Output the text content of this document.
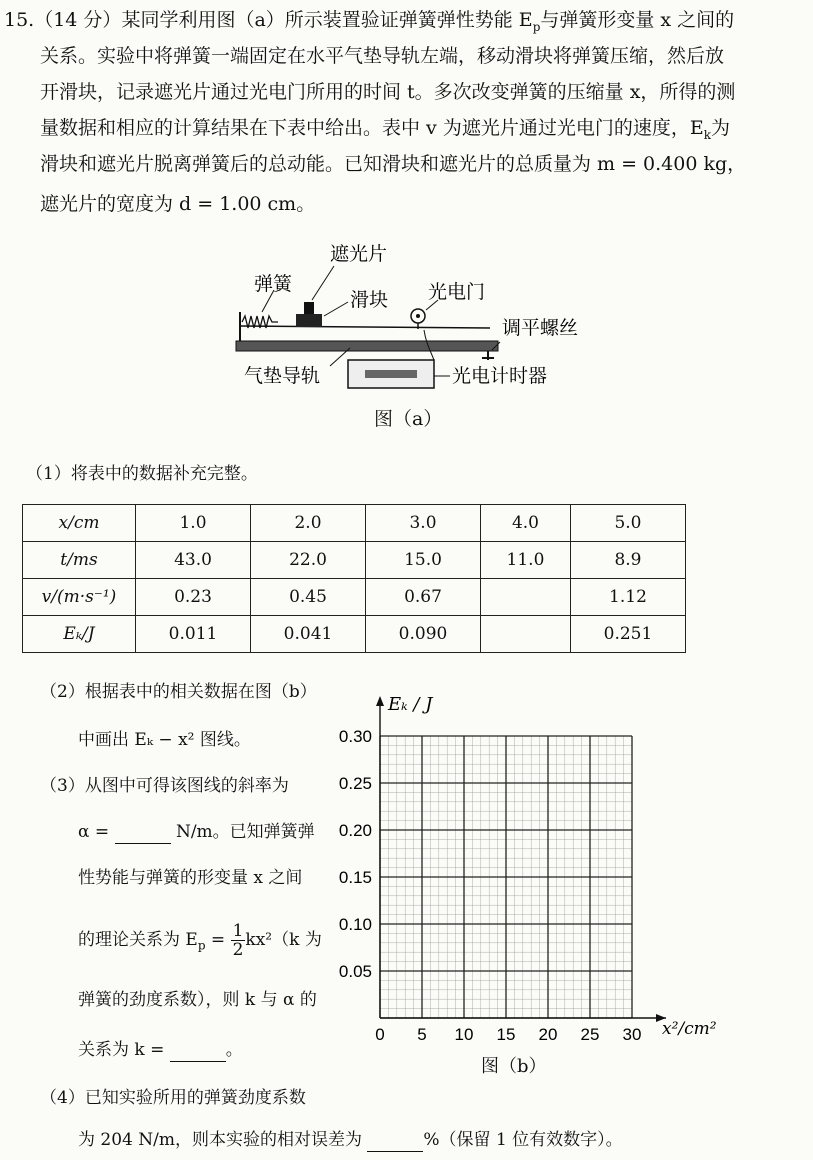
15.（14 分）某同学利用图（a）所示装置验证弹簧弹性势能 $E_p$与弹簧形变量 x 之间的
关系。实验中将弹簧一端固定在水平气垫导轨左端，移动滑块将弹簧压缩，然后放
开滑块，记录遮光片通过光电门所用的时间 t。多次改变弹簧的压缩量 x，所得的测
量数据和相应的计算结果在下表中给出。表中 v 为遮光片通过光电门的速度，$E_k$为
滑块和遮光片脱离弹簧后的总动能。已知滑块和遮光片的总质量为 m = 0.400 kg，
遮光片的宽度为 d = 1.00 cm。
遮光片
弹簧
滑块 光电门
调平螺丝
气垫导轨	光电计时器
图（a）
（1）将表中的数据补充完整。
x/cm	1.0	2.0	3.0	4.0	5.0
t/ms	43.0	22.0	15.0	11.0	8.9
v/(m·s⁻¹)	0.23	0.45	0.67		1.12
Eₖ/J	0.011	0.041	0.090		0.251
（2）根据表中的相关数据在图（b）
中画出 Eₖ − x² 图线。
（3）从图中可得该图线的斜率为
α =	N/m。已知弹簧弹
性势能与弹簧的形变量 x 之间
的理论关系为 $E_p = \frac{1}{2} kx^2(k$ 为
弹簧的劲度系数），则 k 与 α 的
关系为 k =	。
（4）已知实验所用的弹簧劲度系数
为 204 N/m，则本实验的相对误差为	%（保留 1 位有效数字）。
0 5 10 15 20 25 30
0.05
0.10
0.15
0.20
0.25
0.30
Eₖ / J
x²/cm²
图（b）
